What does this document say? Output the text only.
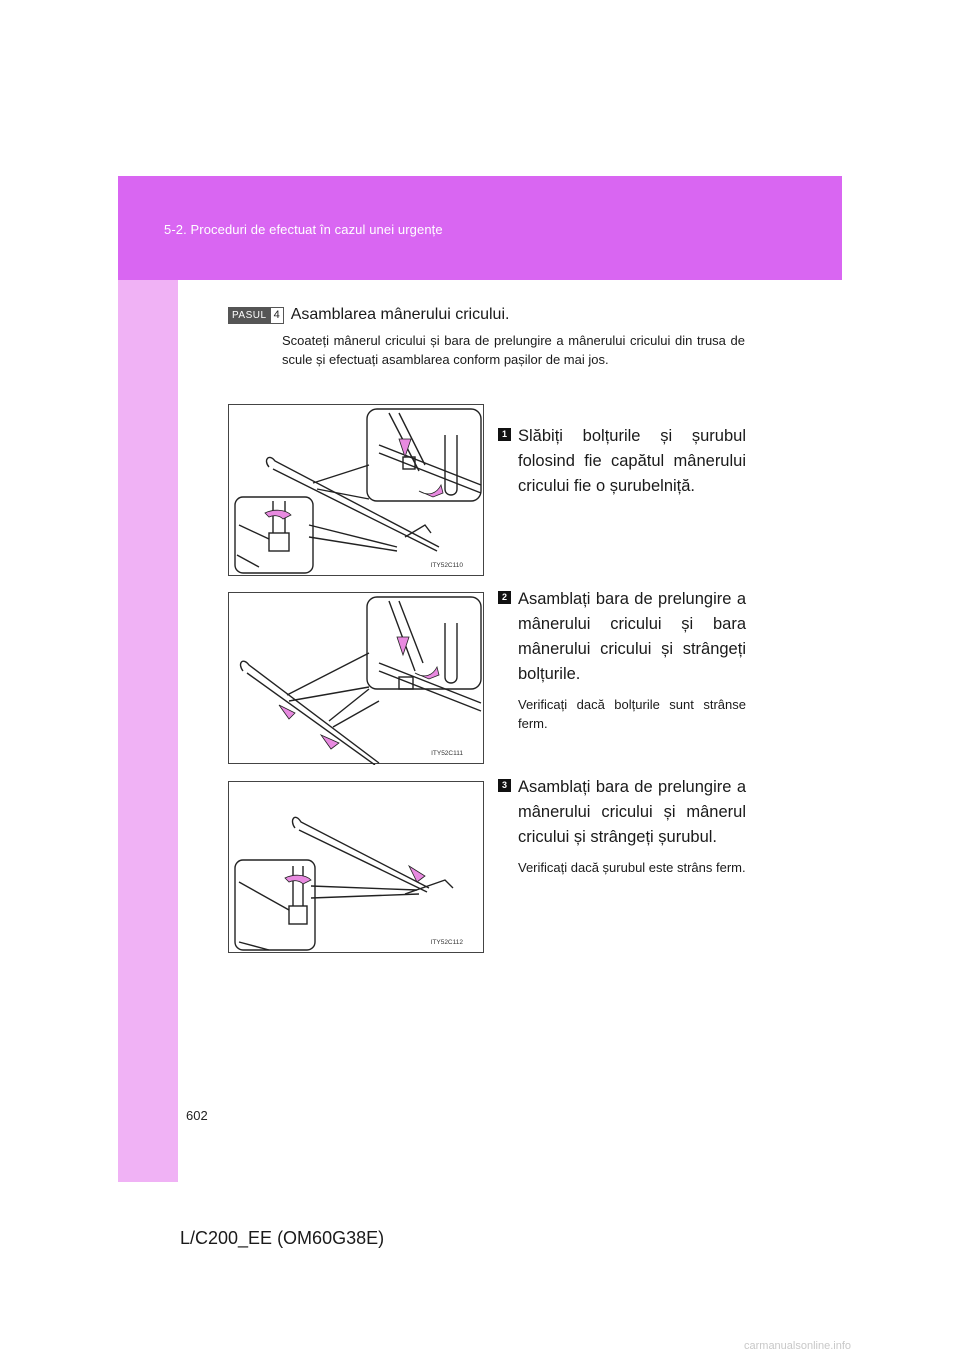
5-2. Proceduri de efectuat în cazul unei urgențe
PASUL 4 Asamblarea mânerului cricului.
Scoateți mânerul cricului și bara de prelungire a mânerului cricului din trusa de scule și efectuați asamblarea conform pașilor de mai jos.
ITY52C110
1 Slăbiți bolțurile și șurubul folosind fie capătul mânerului cricului fie o șurubelniță.
ITY52C111
2 Asamblați bara de prelungire a mânerului cricului și bara mânerului cricului și strângeți bolțurile.
Verificați dacă bolțurile sunt strânse ferm.
ITY52C112
3 Asamblați bara de prelungire a mânerului cricului și mânerul cricului și strângeți șurubul.
Verificați dacă șurubul este strâns ferm.
602
L/C200_EE (OM60G38E)
carmanualsonline.info
